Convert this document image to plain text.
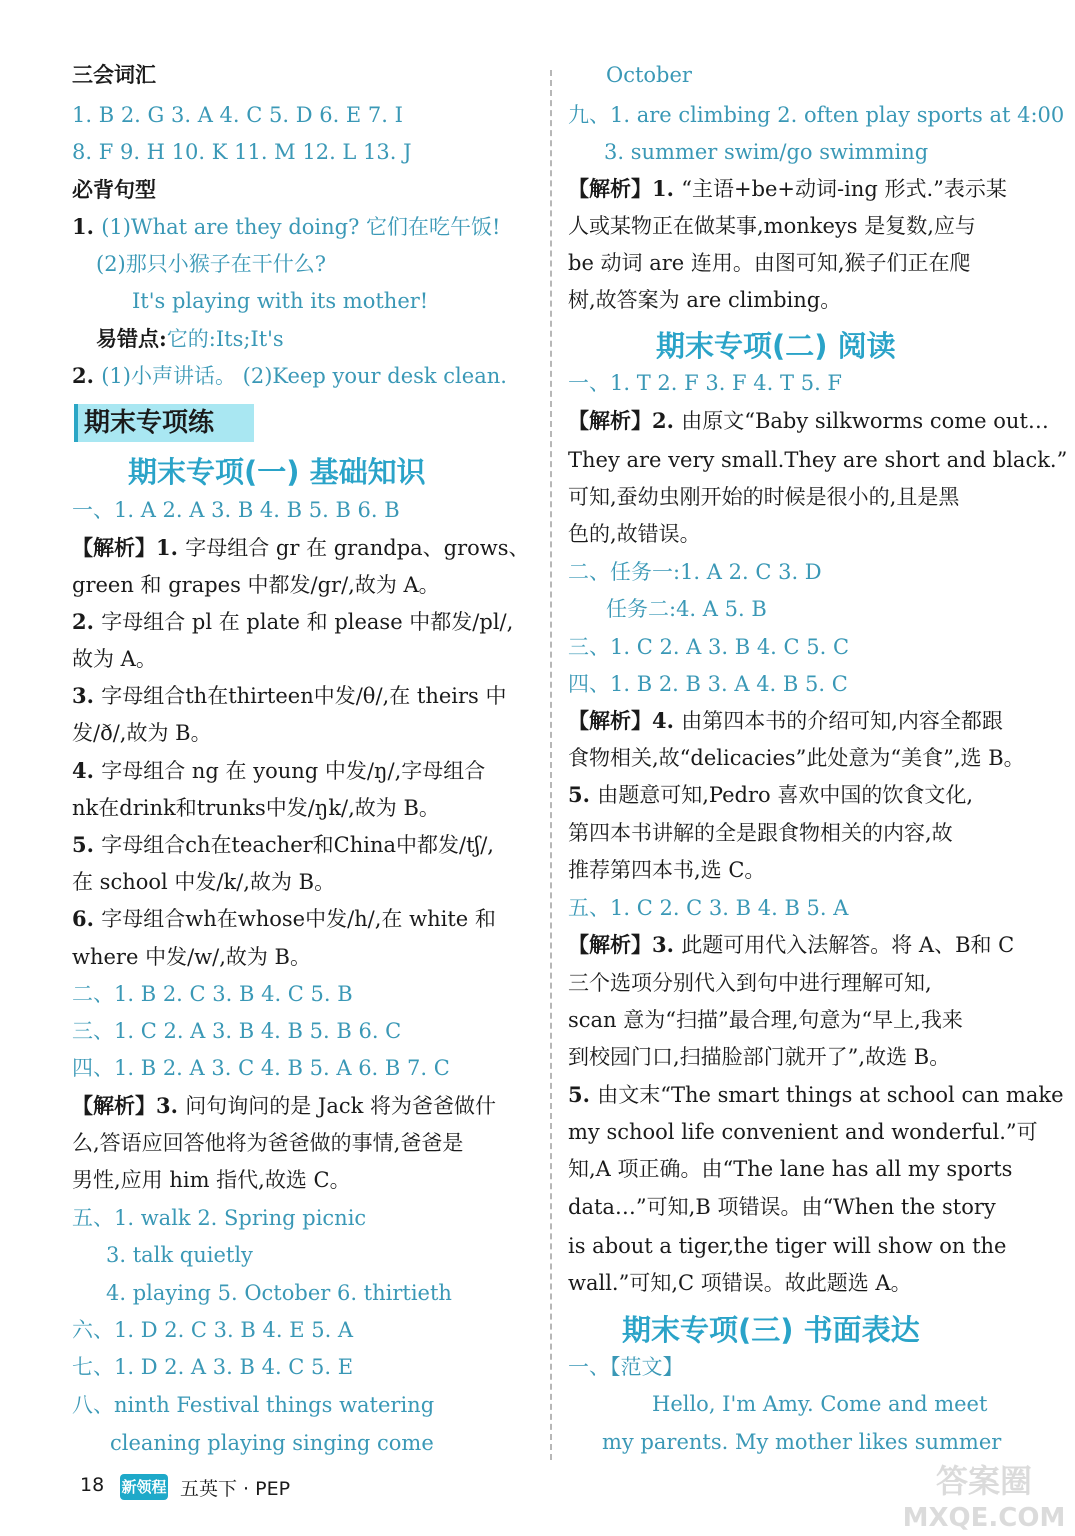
三会词汇
1. B 2. G 3. A 4. C 5. D 6. E 7. I
8. F 9. H 10. K 11. M 12. L 13. J
必背句型
1. (1)What are they doing? 它们在吃午饭!
(2)那只小猴子在干什么?
It's playing with its mother!
易错点:它的:Its;It's
2. (1)小声讲话。 (2)Keep your desk clean.
一、1. A 2. A 3. B 4. B 5. B 6. B
【解析】1. 字母组合 gr 在 grandpa、grows、
green 和 grapes 中都发/gr/,故为 A。
2. 字母组合 pl 在 plate 和 please 中都发/pl/,
故为 A。
3. 字母组合th在thirteen中发/θ/,在 theirs 中
发/ð/,故为 B。
4. 字母组合 ng 在 young 中发/ŋ/,字母组合
nk在drink和trunks中发/ŋk/,故为 B。
5. 字母组合ch在teacher和China中都发/tʃ/,
在 school 中发/k/,故为 B。
6. 字母组合wh在whose中发/h/,在 white 和
where 中发/w/,故为 B。
二、1. B 2. C 3. B 4. C 5. B
三、1. C 2. A 3. B 4. B 5. B 6. C
四、1. B 2. A 3. C 4. B 5. A 6. B 7. C
【解析】3. 问句询问的是 Jack 将为爸爸做什
么,答语应回答他将为爸爸做的事情,爸爸是
男性,应用 him 指代,故选 C。
五、1. walk 2. Spring picnic
3. talk quietly
4. playing 5. October 6. thirtieth
六、1. D 2. C 3. B 4. E 5. A
七、1. D 2. A 3. B 4. C 5. E
八、ninth Festival things watering
cleaning playing singing come
October
九、1. are climbing 2. often play sports at 4:00
3. summer swim/go swimming
【解析】1. “主语+be+动词-ing 形式.”表示某
人或某物正在做某事,monkeys 是复数,应与
be 动词 are 连用。由图可知,猴子们正在爬
树,故答案为 are climbing。
一、1. T 2. F 3. F 4. T 5. F
【解析】2. 由原文“Baby silkworms come out…
They are very small.They are short and black.”
可知,蚕幼虫刚开始的时候是很小的,且是黑
色的,故错误。
二、任务一:1. A 2. C 3. D
任务二:4. A 5. B
三、1. C 2. A 3. B 4. C 5. C
四、1. B 2. B 3. A 4. B 5. C
【解析】4. 由第四本书的介绍可知,内容全都跟
食物相关,故“delicacies”此处意为“美食”,选 B。
5. 由题意可知,Pedro 喜欢中国的饮食文化,
第四本书讲解的全是跟食物相关的内容,故
推荐第四本书,选 C。
五、1. C 2. C 3. B 4. B 5. A
【解析】3. 此题可用代入法解答。将 A、B和 C
三个选项分别代入到句中进行理解可知,
scan 意为“扫描”最合理,句意为“早上,我来
到校园门口,扫描脸部门就开了”,故选 B。
5. 由文末“The smart things at school can make
my school life convenient and wonderful.”可
知,A 项正确。由“The lane has all my sports
data…”可知,B 项错误。由“When the story
is about a tiger,the tiger will show on the
wall.”可知,C 项错误。故此题选 A。
一、【范文】
Hello, I'm Amy. Come and meet
my parents. My mother likes summer
期末专项练
期末专项(一) 基础知识
期末专项(二) 阅读
期末专项(三) 书面表达
18 新领程 五英下 · PEP	答案圈
MXQE.COM
